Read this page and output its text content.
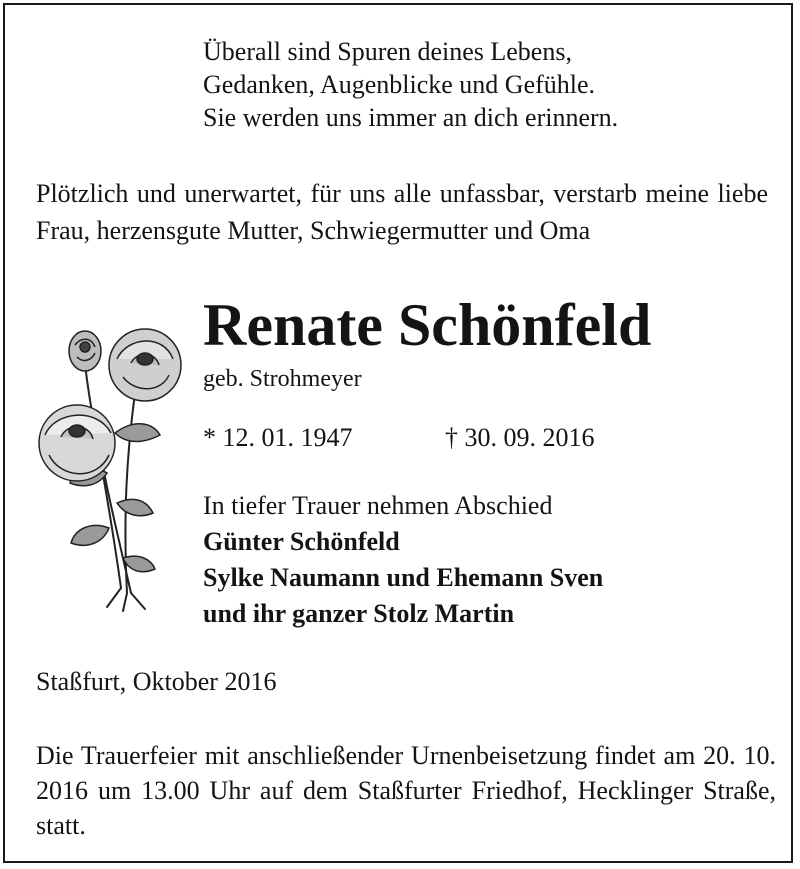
Überall sind Spuren deines Lebens,
Gedanken, Augenblicke und Gefühle.
Sie werden uns immer an dich erinnern.
Plötzlich und unerwartet, für uns alle unfassbar, verstarb meine liebe Frau, herzensgute Mutter, Schwiegermutter und Oma
Renate Schönfeld
geb. Strohmeyer
* 12. 01. 1947	† 30. 09. 2016
In tiefer Trauer nehmen Abschied
Günter Schönfeld
Sylke Naumann und Ehemann Sven
und ihr ganzer Stolz Martin
Staßfurt, Oktober 2016
Die Trauerfeier mit anschließender Urnenbeisetzung findet am 20. 10. 2016 um 13.00 Uhr auf dem Staßfurter Friedhof, Hecklinger Straße, statt.
